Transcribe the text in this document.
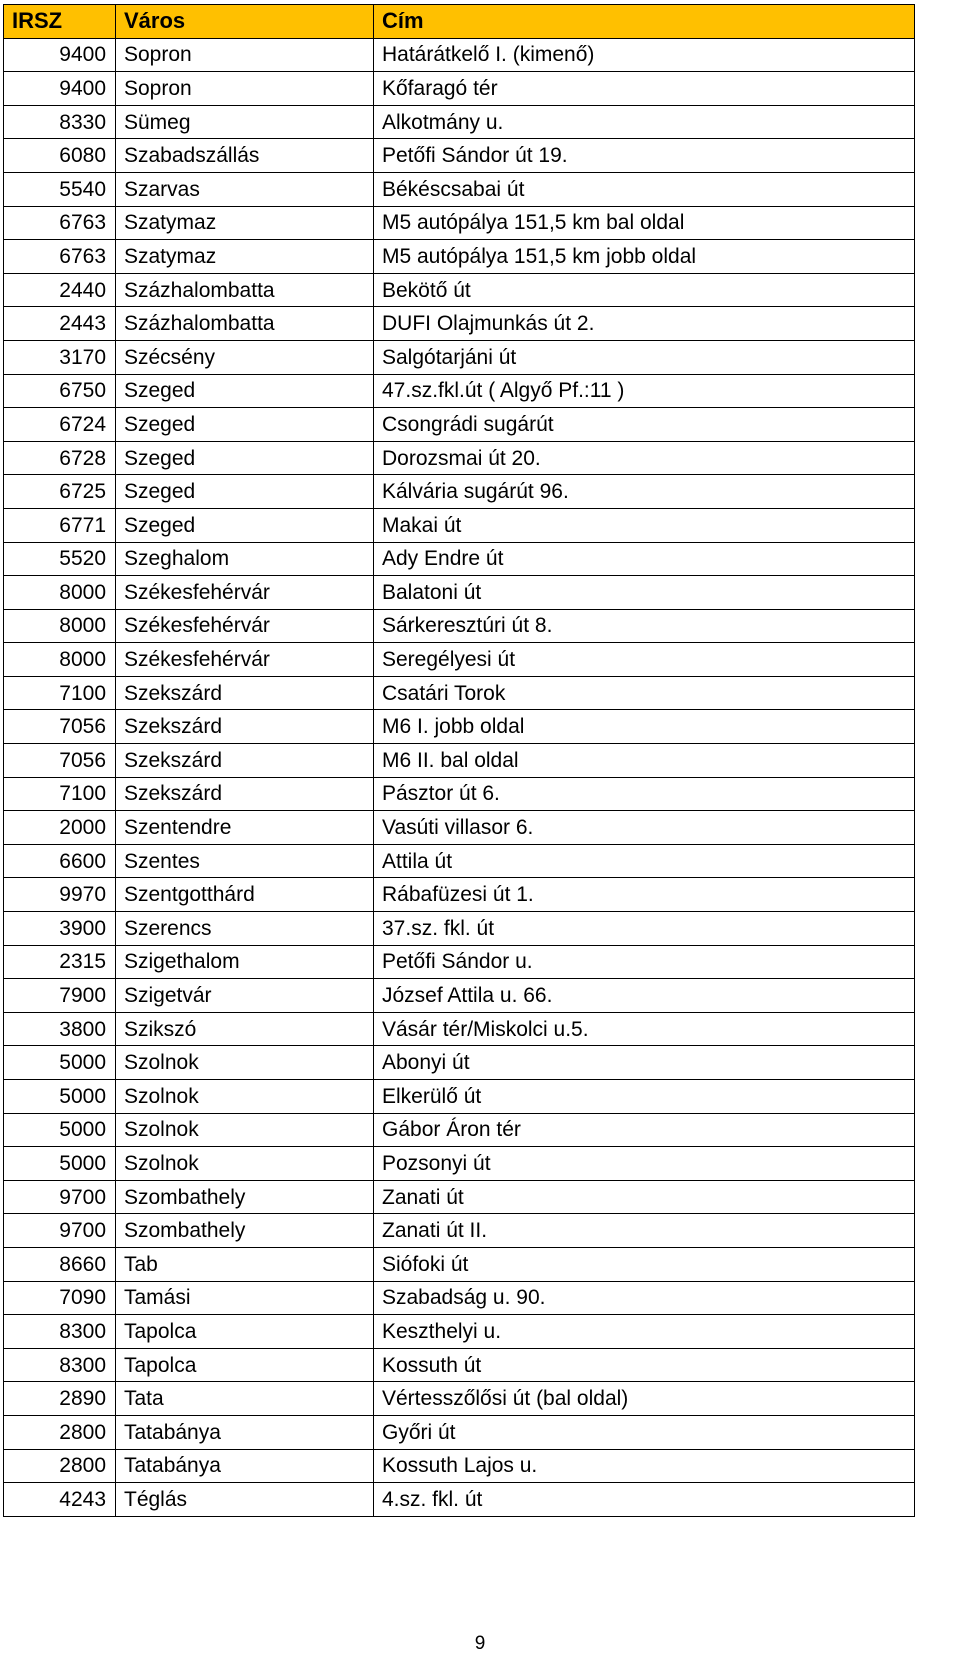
IRSZ	Város	Cím
9400	Sopron	Határátkelő I. (kimenő)
9400	Sopron	Kőfaragó tér
8330	Sümeg	Alkotmány u.
6080	Szabadszállás	Petőfi Sándor út 19.
5540	Szarvas	Békéscsabai út
6763	Szatymaz	M5 autópálya 151,5 km bal oldal
6763	Szatymaz	M5 autópálya 151,5 km jobb oldal
2440	Százhalombatta	Bekötő út
2443	Százhalombatta	DUFI Olajmunkás út 2.
3170	Szécsény	Salgótarjáni út
6750	Szeged	47.sz.fkl.út ( Algyő Pf.:11 )
6724	Szeged	Csongrádi sugárút
6728	Szeged	Dorozsmai út 20.
6725	Szeged	Kálvária sugárút 96.
6771	Szeged	Makai út
5520	Szeghalom	Ady Endre út
8000	Székesfehérvár	Balatoni út
8000	Székesfehérvár	Sárkeresztúri út 8.
8000	Székesfehérvár	Seregélyesi út
7100	Szekszárd	Csatári Torok
7056	Szekszárd	M6 I. jobb oldal
7056	Szekszárd	M6 II. bal oldal
7100	Szekszárd	Pásztor út 6.
2000	Szentendre	Vasúti villasor 6.
6600	Szentes	Attila út
9970	Szentgotthárd	Rábafüzesi út 1.
3900	Szerencs	37.sz. fkl. út
2315	Szigethalom	Petőfi Sándor u.
7900	Szigetvár	József Attila u. 66.
3800	Szikszó	Vásár tér/Miskolci u.5.
5000	Szolnok	Abonyi út
5000	Szolnok	Elkerülő út
5000	Szolnok	Gábor Áron tér
5000	Szolnok	Pozsonyi út
9700	Szombathely	Zanati út
9700	Szombathely	Zanati út II.
8660	Tab	Siófoki út
7090	Tamási	Szabadság u. 90.
8300	Tapolca	Keszthelyi u.
8300	Tapolca	Kossuth út
2890	Tata	Vértesszőlősi út (bal oldal)
2800	Tatabánya	Győri út
2800	Tatabánya	Kossuth Lajos u.
4243	Téglás	4.sz. fkl. út
9
